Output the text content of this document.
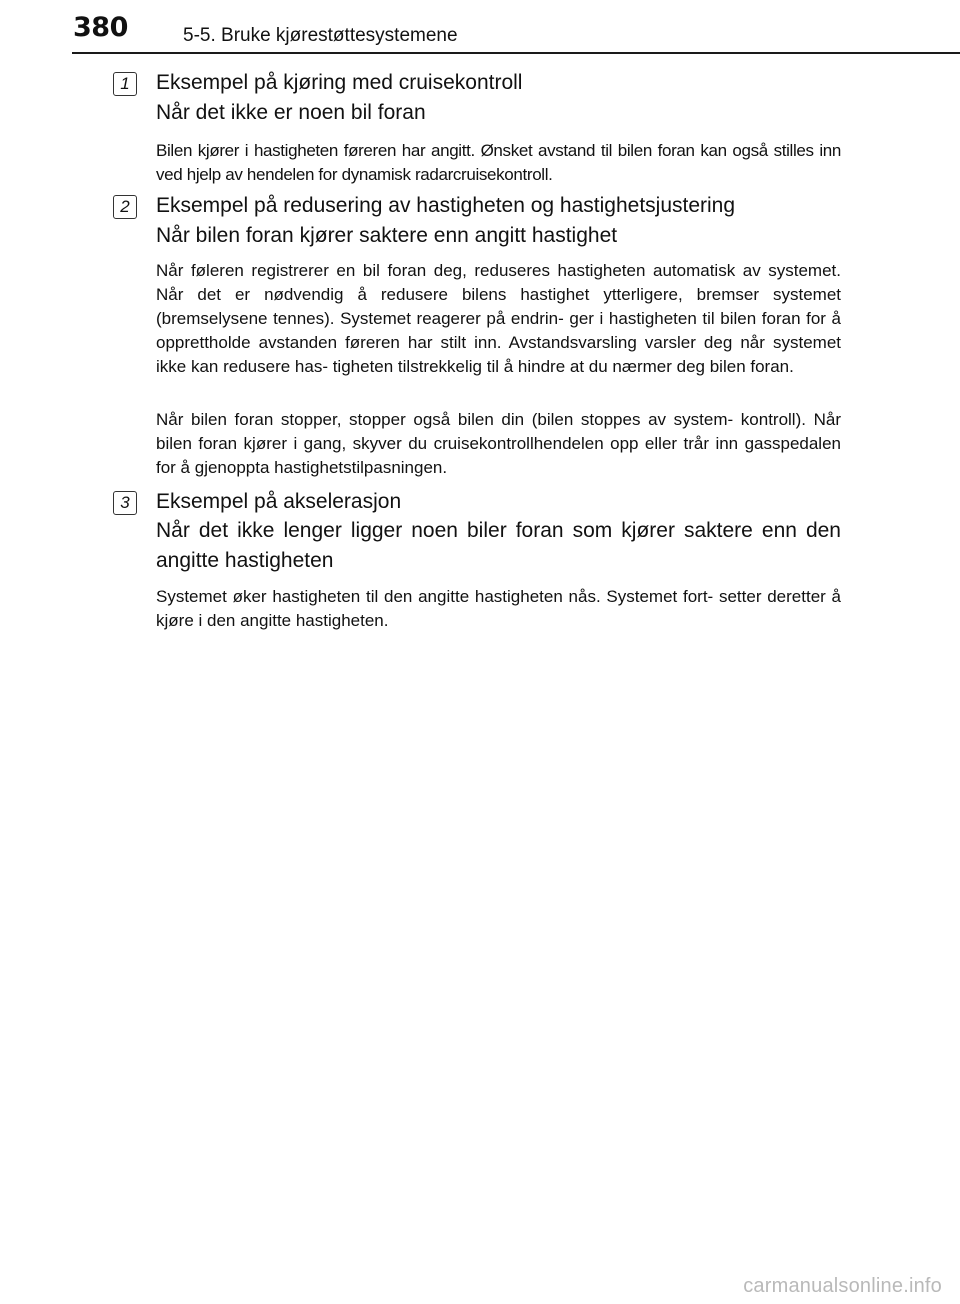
380	5-5. Bruke kjørestøttesystemene
1	Eksempel på kjøring med cruisekontroll
Når det ikke er noen bil foran
Bilen kjører i hastigheten føreren har angitt. Ønsket avstand til bilen foran kan også stilles inn ved hjelp av hendelen for dynamisk radarcruisekontroll.
2	Eksempel på redusering av hastigheten og hastighetsjustering
Når bilen foran kjører saktere enn angitt hastighet
Når føleren registrerer en bil foran deg, reduseres hastigheten automatisk av systemet. Når det er nødvendig å redusere bilens hastighet ytterligere, bremser systemet (bremselysene tennes). Systemet reagerer på endrin- ger i hastigheten til bilen foran for å opprettholde avstanden føreren har stilt inn. Avstandsvarsling varsler deg når systemet ikke kan redusere has- tigheten tilstrekkelig til å hindre at du nærmer deg bilen foran.
Når bilen foran stopper, stopper også bilen din (bilen stoppes av system- kontroll). Når bilen foran kjører i gang, skyver du cruisekontrollhendelen opp eller trår inn gasspedalen for å gjenoppta hastighetstilpasningen.
3	Eksempel på akselerasjon
Når det ikke lenger ligger noen biler foran som kjører saktere enn den angitte hastigheten
Systemet øker hastigheten til den angitte hastigheten nås. Systemet fort- setter deretter å kjøre i den angitte hastigheten.
carmanualsonline.info
